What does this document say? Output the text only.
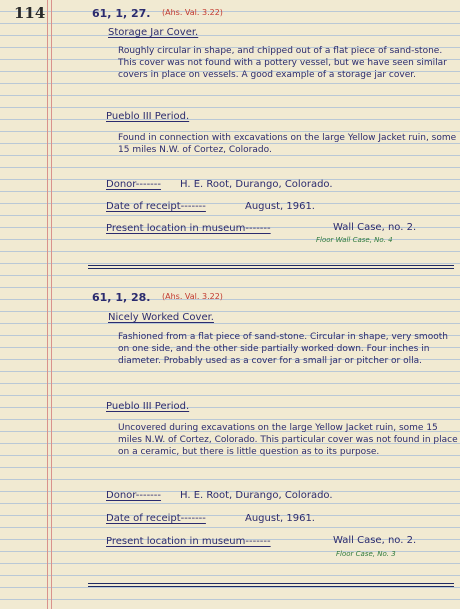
114	61, 1, 27. (Ahs. Val. 3.22)
Storage Jar Cover.
Roughly circular in shape, and chipped out of a flat piece of sand-stone. This cover was not found with a pottery vessel, but we have seen similar covers in place on vessels. A good example of a storage jar cover.
Pueblo III Period.
Found in connection with excavations on the large Yellow Jacket ruin, some 15 miles N.W. of Cortez, Colorado.
Donor------- H. E. Root, Durango, Colorado.
Date of receipt-------	August, 1961.
Present location in museum-------	Wall Case, no. 2.
Floor Wall Case, No. 4
61, 1, 28. (Ahs. Val. 3.22)
Nicely Worked Cover.
Fashioned from a flat piece of sand-stone. Circular in shape, very smooth on one side, and the other side partially worked down. Four inches in diameter. Probably used as a cover for a small jar or pitcher or olla.
Pueblo III Period.
Uncovered during excavations on the large Yellow Jacket ruin, some 15 miles N.W. of Cortez, Colorado. This particular cover was not found in place on a ceramic, but there is little question as to its purpose.
Donor------- H. E. Root, Durango, Colorado.
Date of receipt-------	August, 1961.
Present location in museum-------	Wall Case, no. 2.
Floor Case, No. 3
